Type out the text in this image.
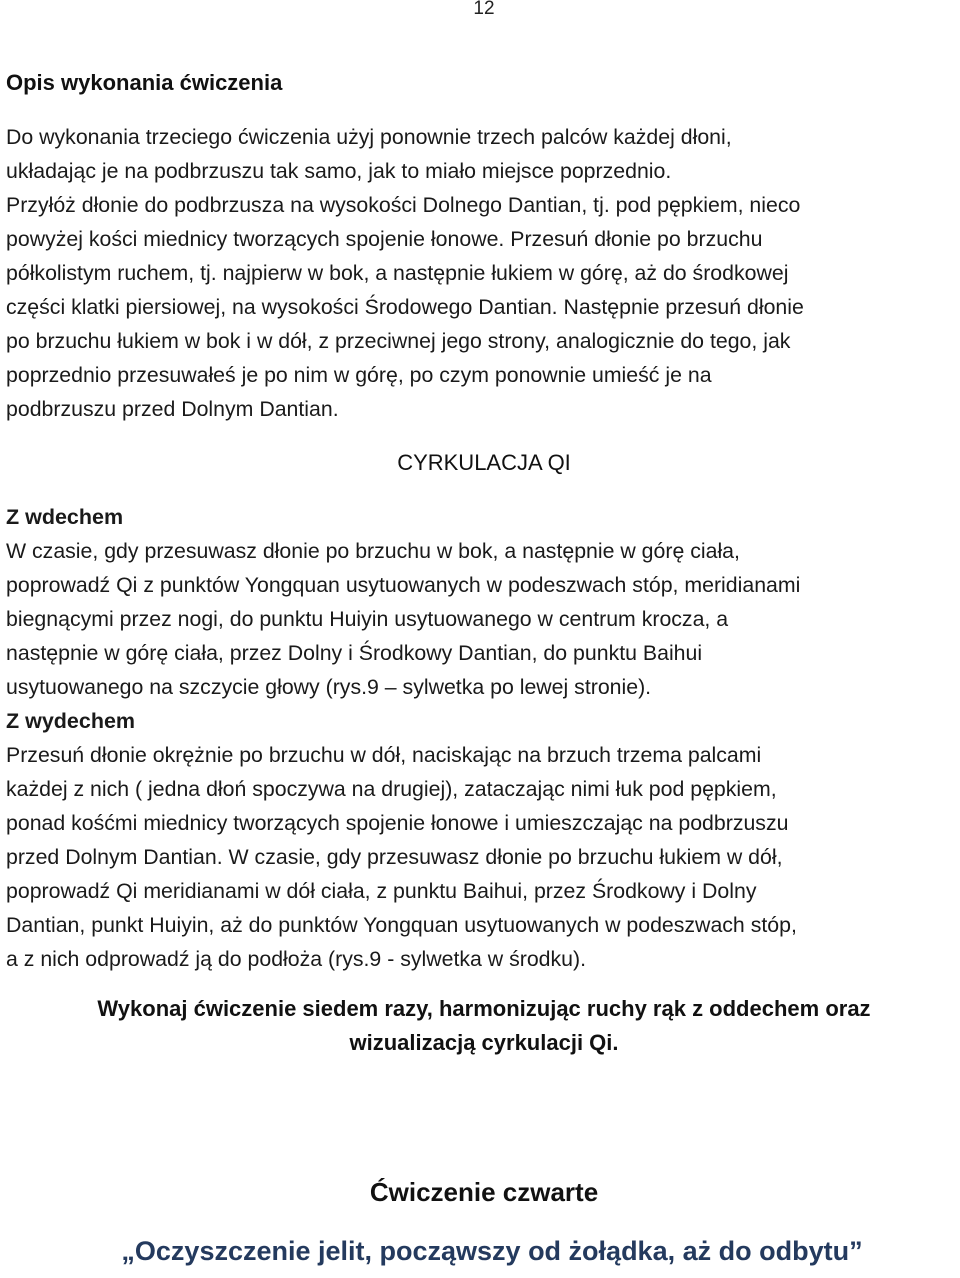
12
Opis wykonania ćwiczenia
Do wykonania trzeciego ćwiczenia użyj ponownie trzech palców każdej dłoni,
układając je na podbrzuszu tak samo, jak to miało miejsce poprzednio.
Przyłóż dłonie do podbrzusza na wysokości Dolnego Dantian, tj. pod pępkiem, nieco
powyżej kości miednicy tworzących spojenie łonowe. Przesuń dłonie po brzuchu
półkolistym ruchem, tj. najpierw w bok, a następnie łukiem w górę, aż do środkowej
części klatki piersiowej, na wysokości Środowego Dantian. Następnie przesuń dłonie
po brzuchu łukiem w bok i w dół, z przeciwnej jego strony, analogicznie do tego, jak
poprzednio przesuwałeś je po nim w górę, po czym ponownie umieść je na
podbrzuszu przed Dolnym Dantian.
CYRKULACJA QI
Z wdechem
W czasie, gdy przesuwasz dłonie po brzuchu w bok, a następnie w górę ciała,
poprowadź Qi z punktów Yongquan usytuowanych w podeszwach stóp, meridianami
biegnącymi przez nogi, do punktu Huiyin usytuowanego w centrum krocza, a
następnie w górę ciała, przez Dolny i Środkowy Dantian, do punktu Baihui
usytuowanego na szczycie głowy (rys.9 – sylwetka po lewej stronie).
Z wydechem
Przesuń dłonie okrężnie po brzuchu w dół, naciskając na brzuch trzema palcami
każdej z nich ( jedna dłoń spoczywa na drugiej), zataczając nimi łuk pod pępkiem,
ponad kośćmi miednicy tworzących spojenie łonowe i umieszczając na podbrzuszu
przed Dolnym Dantian. W czasie, gdy przesuwasz dłonie po brzuchu łukiem w dół,
poprowadź Qi meridianami w dół ciała, z punktu Baihui, przez Środkowy i Dolny
Dantian, punkt Huiyin, aż do punktów Yongquan usytuowanych w podeszwach stóp,
a z nich odprowadź ją do podłoża (rys.9 - sylwetka w środku).
Wykonaj ćwiczenie siedem razy, harmonizując ruchy rąk z oddechem oraz
wizualizacją cyrkulacji Qi.
Ćwiczenie czwarte
„Oczyszczenie jelit, począwszy od żołądka, aż do odbytu”
